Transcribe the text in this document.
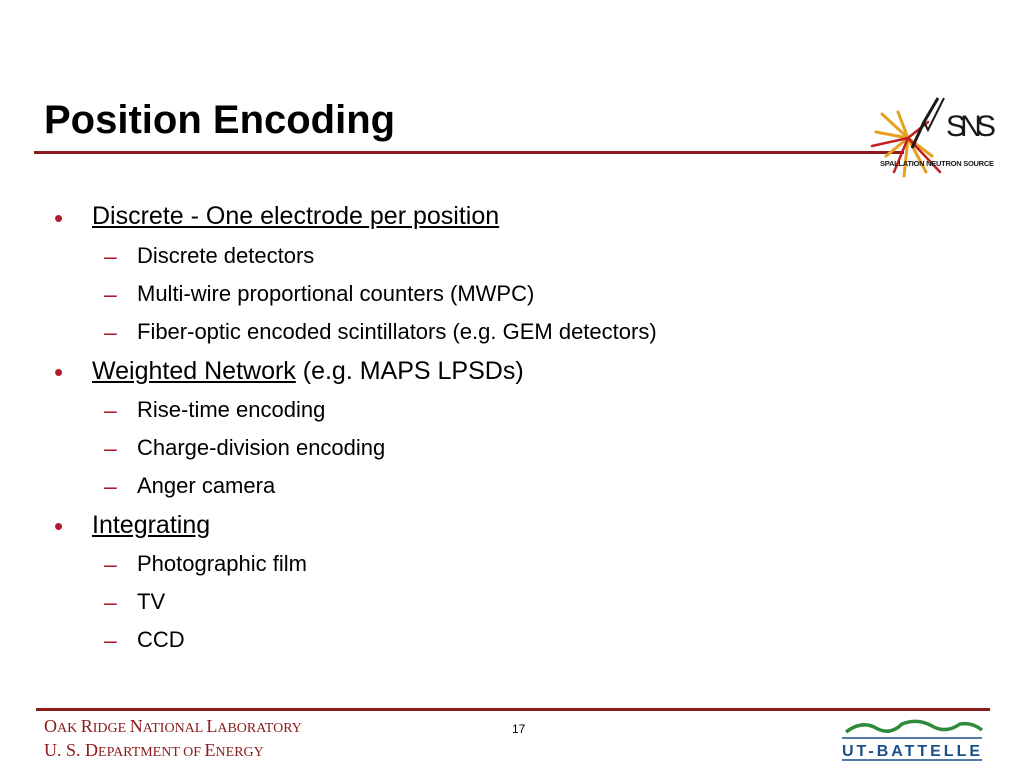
Position Encoding	SNS
SPALLATION NEUTRON SOURCE
• Discrete - One electrode per position
– Discrete detectors
– Multi-wire proportional counters (MWPC)
– Fiber-optic encoded scintillators (e.g. GEM detectors)
• Weighted Network (e.g. MAPS LPSDs)
– Rise-time encoding
– Charge-division encoding
– Anger camera
• Integrating
– Photographic film
– TV
– CCD
OAK RIDGE NATIONAL LABORATORY
U. S. DEPARTMENT OF ENERGY
17
UT-BATTELLE
